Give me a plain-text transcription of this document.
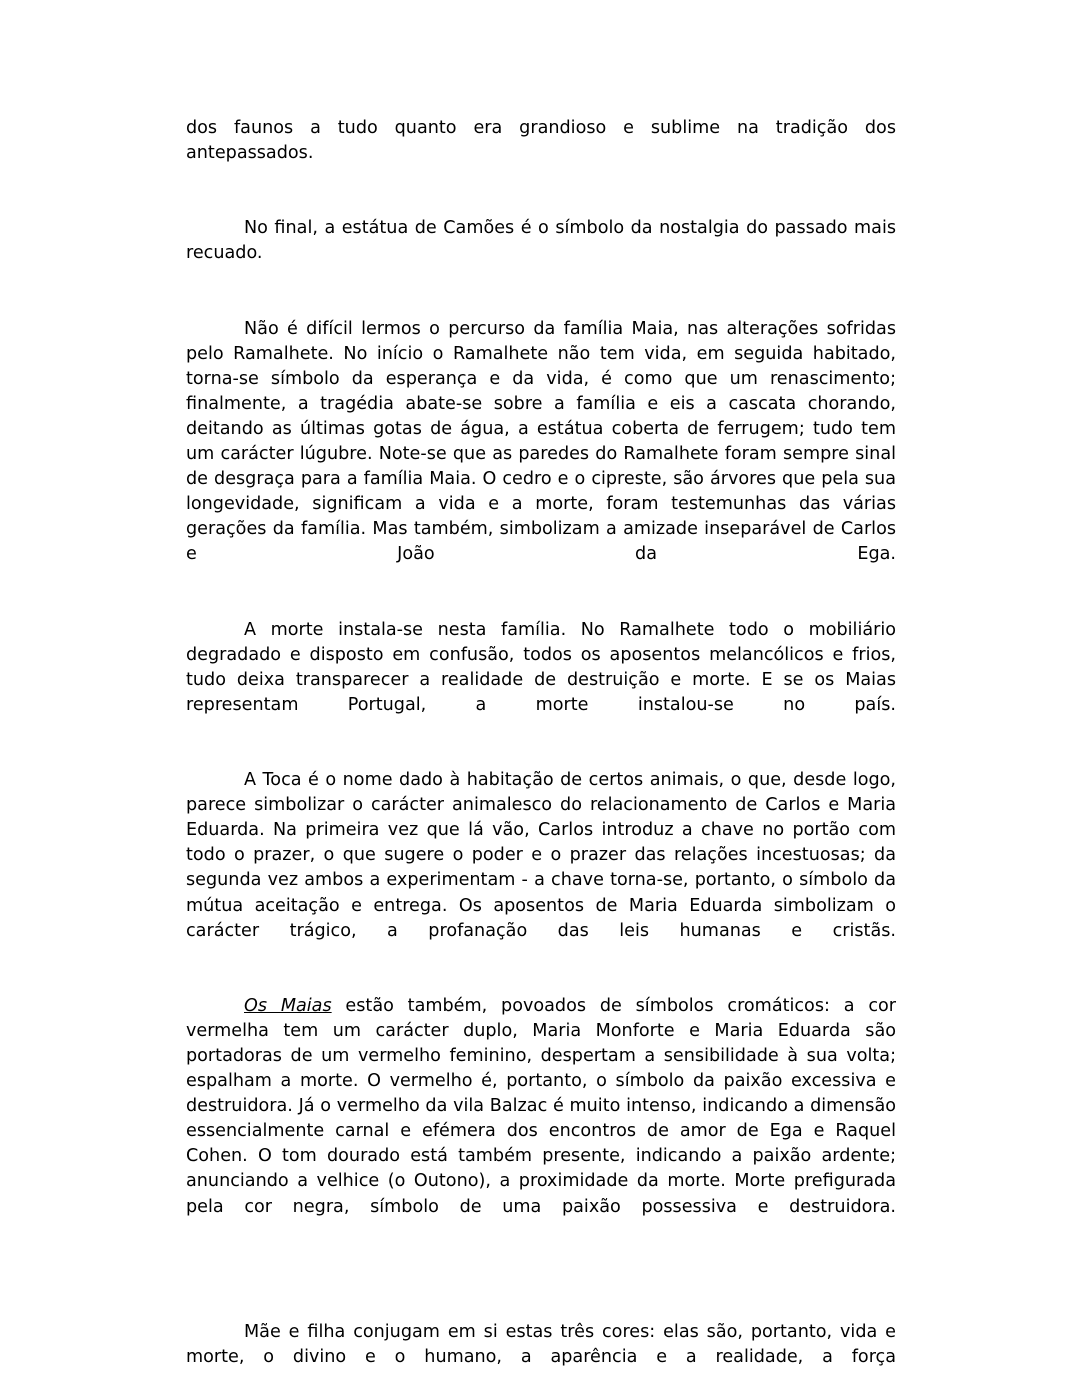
dos faunos a tudo quanto era grandioso e sublime na tradição dos antepassados.

No final, a estátua de Camões é o símbolo da nostalgia do passado mais recuado.

Não é difícil lermos o percurso da família Maia, nas alterações sofridas pelo Ramalhete. No início o Ramalhete não tem vida, em seguida habitado, torna-se símbolo da esperança e da vida, é como que um renascimento; finalmente, a tragédia abate-se sobre a família e eis a cascata chorando, deitando as últimas gotas de água, a estátua coberta de ferrugem; tudo tem um carácter lúgubre. Note-se que as paredes do Ramalhete foram sempre sinal de desgraça para a família Maia. O cedro e o cipreste, são árvores que pela sua longevidade, significam a vida e a morte, foram testemunhas das várias gerações da família. Mas também, simbolizam a amizade inseparável de Carlos e João da Ega.

A morte instala-se nesta família. No Ramalhete todo o mobiliário degradado e disposto em confusão, todos os aposentos melancólicos e frios, tudo deixa transparecer a realidade de destruição e morte. E se os Maias representam Portugal, a morte instalou-se no país.

A Toca é o nome dado à habitação de certos animais, o que, desde logo, parece simbolizar o carácter animalesco do relacionamento de Carlos e Maria Eduarda. Na primeira vez que lá vão, Carlos introduz a chave no portão com todo o prazer, o que sugere o poder e o prazer das relações incestuosas; da segunda vez ambos a experimentam - a chave torna-se, portanto, o símbolo da mútua aceitação e entrega. Os aposentos de Maria Eduarda simbolizam o carácter trágico, a profanação das leis humanas e cristãs.

Os Maias estão também, povoados de símbolos cromáticos: a cor vermelha tem um carácter duplo, Maria Monforte e Maria Eduarda são portadoras de um vermelho feminino, despertam a sensibilidade à sua volta; espalham a morte. O vermelho é, portanto, o símbolo da paixão excessiva e destruidora. Já o vermelho da vila Balzac é muito intenso, indicando a dimensão essencialmente carnal e efémera dos encontros de amor de Ega e Raquel Cohen. O tom dourado está também presente, indicando a paixão ardente; anunciando a velhice (o Outono), a proximidade da morte. Morte prefigurada pela cor negra, símbolo de uma paixão possessiva e destruidora.

Mãe e filha conjugam em si estas três cores: elas são, portanto, vida e morte, o divino e o humano, a aparência e a realidade, a força
